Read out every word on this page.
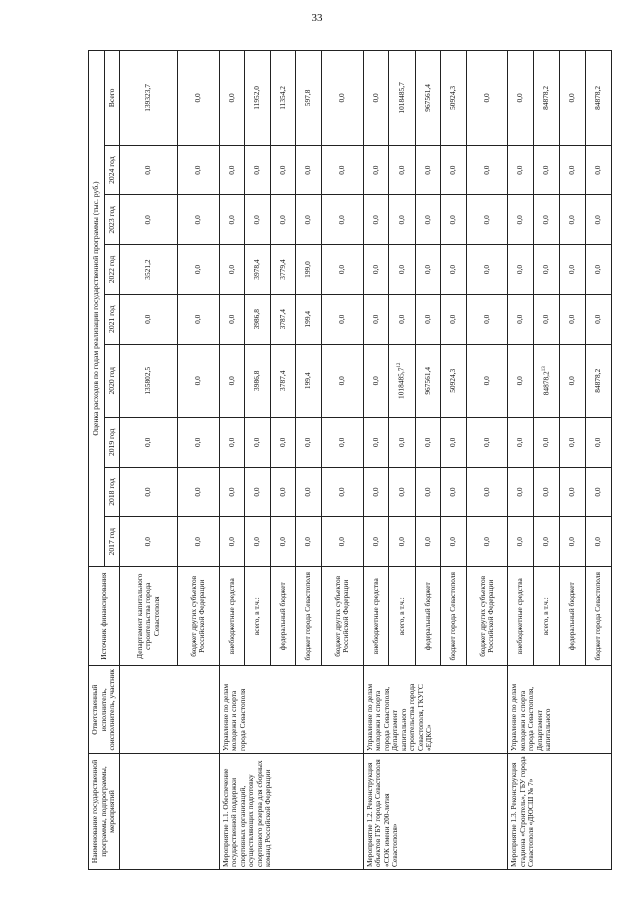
33
Наименование государственной программы, подпрограммы, мероприятий	Ответственный исполнитель, соисполнитель, участник	Источник финансирования	Оценка расходов по годам реализации государственной программы (тыс. руб.)								
			2017 год	2018 год	2019 год	2020 год	2021 год	2022 год	2023 год	2024 год	Всего
		Департамент капитального строительства города Севастополя	0,0	0,0	0,0	135802,5	0,0	3521,2	0,0	0,0	139323,7
		бюджет других субъектов Российской Федерации	0,0	0,0	0,0	0,0	0,0	0,0	0,0	0,0	0,0
Мероприятие 1.1. Обеспечение государственной поддержки спортивных организаций, осуществляющих подготовку спортивного резерва для сборных команд Российской Федерации	Управление по делам молодежи и спорта города Севастополя	внебюджетные средства	0,0	0,0	0,0	0,0	0,0	0,0	0,0	0,0	0,0
		всего, в т.ч.:	0,0	0,0	0,0	3986,8	3986,8	3978,4	0,0	0,0	11952,0
		федеральный бюджет	0,0	0,0	0,0	3787,4	3787,4	3779,4	0,0	0,0	11354,2
		бюджет города Севастополя	0,0	0,0	0,0	199,4	199,4	199,0	0,0	0,0	597,8
		бюджет других субъектов Российской Федерации	0,0	0,0	0,0	0,0	0,0	0,0	0,0	0,0	0,0
Мероприятие 1.2. Реконструкция объектов ГБУ города Севастополя «СОК имени 200-летия Севастополя»	Управление по делам молодежи и спорта города Севастополя, Департамент капитального строительства города Севастополя, ГКУГС «ЕДКС»	внебюджетные средства	0,0	0,0	0,0	0,0	0,0	0,0	0,0	0,0	0,0
		всего, в т.ч.:	0,0	0,0	0,0	1018485,7$^{12}$	0,0	0,0	0,0	0,0	1018485,7
		федеральный бюджет	0,0	0,0	0,0	967561,4	0,0	0,0	0,0	0,0	967561,4
		бюджет города Севастополя	0,0	0,0	0,0	50924,3	0,0	0,0	0,0	0,0	50924,3
		бюджет других субъектов Российской Федерации	0,0	0,0	0,0	0,0	0,0	0,0	0,0	0,0	0,0
Мероприятие 1.3. Реконструкция стадиона «Строитель», ГБУ города Севастополя «ДЮСШ № 7»	Управление по делам молодежи и спорта города Севастополя, Департамент капитального	внебюджетные средства	0,0	0,0	0,0	0,0	0,0	0,0	0,0	0,0	0,0
		всего, в т.ч.:	0,0	0,0	0,0	84878,2$^{13}$	0,0	0,0	0,0	0,0	84878,2
		федеральный бюджет	0,0	0,0	0,0	0,0	0,0	0,0	0,0	0,0	0,0
		бюджет города Севастополя	0,0	0,0	0,0	84878,2	0,0	0,0	0,0	0,0	84878,2
